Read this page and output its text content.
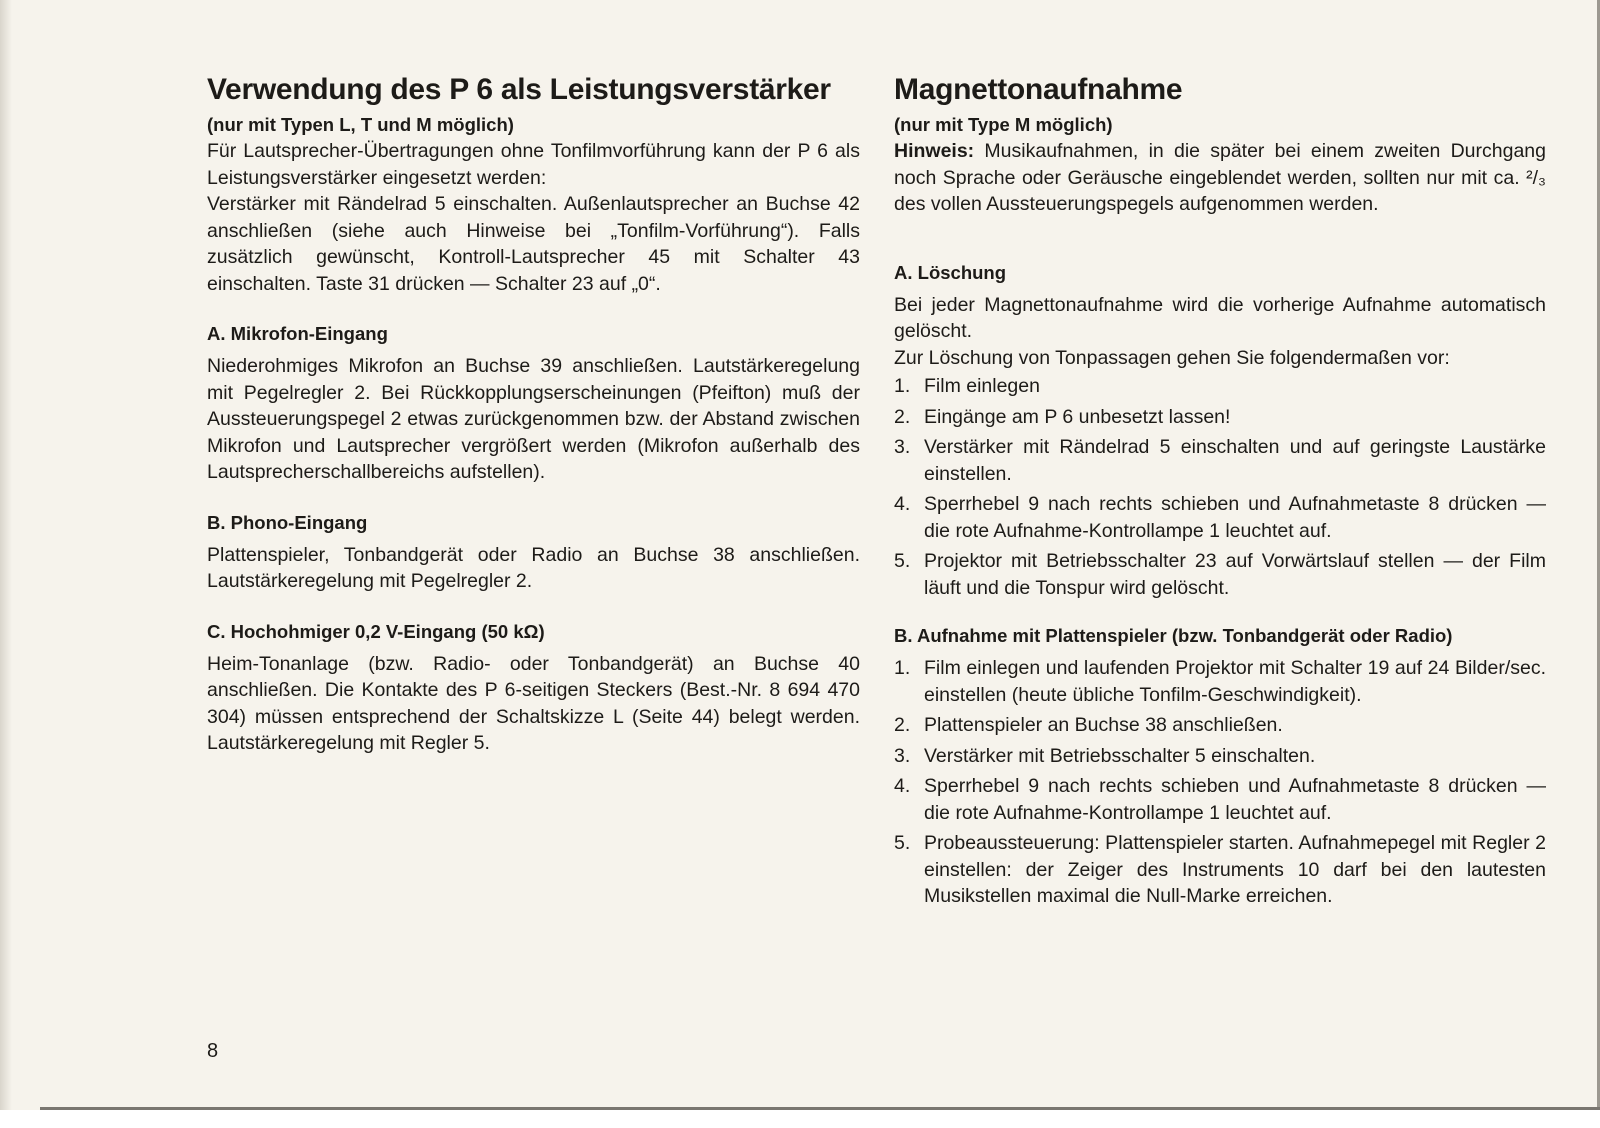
Verwendung des P 6 als Leistungsverstärker
(nur mit Typen L, T und M möglich)

Für Lautsprecher-Übertragungen ohne Tonfilmvorführung kann der P 6 als Leistungsverstärker eingesetzt werden:

Verstärker mit Rändelrad 5 einschalten. Außenlautsprecher an Buchse 42 anschließen (siehe auch Hinweise bei „Tonfilm-Vorführung“). Falls zusätzlich gewünscht, Kontroll-Lautsprecher 45 mit Schalter 43 einschalten. Taste 31 drücken — Schalter 23 auf „0“.

A. Mikrofon-Eingang

Niederohmiges Mikrofon an Buchse 39 anschließen. Lautstärkeregelung mit Pegelregler 2. Bei Rückkopplungserscheinungen (Pfeifton) muß der Aussteuerungspegel 2 etwas zurückgenommen bzw. der Abstand zwischen Mikrofon und Lautsprecher vergrößert werden (Mikrofon außerhalb des Lautsprecherschallbereichs aufstellen).

B. Phono-Eingang

Plattenspieler, Tonbandgerät oder Radio an Buchse 38 anschließen. Lautstärkeregelung mit Pegelregler 2.

C. Hochohmiger 0,2 V-Eingang (50 kΩ)

Heim-Tonanlage (bzw. Radio- oder Tonbandgerät) an Buchse 40 anschließen. Die Kontakte des P 6-seitigen Steckers (Best.-Nr. 8 694 470 304) müssen entsprechend der Schaltskizze L (Seite 44) belegt werden. Lautstärkeregelung mit Regler 5.

Magnettonaufnahme
(nur mit Type M möglich)

Hinweis: Musikaufnahmen, in die später bei einem zweiten Durchgang noch Sprache oder Geräusche eingeblendet werden, sollten nur mit ca. ²/₃ des vollen Aussteuerungspegels aufgenommen werden.

A. Löschung

Bei jeder Magnettonaufnahme wird die vorherige Aufnahme automatisch gelöscht.

Zur Löschung von Tonpassagen gehen Sie folgendermaßen vor:

1. Film einlegen
2. Eingänge am P 6 unbesetzt lassen!
3. Verstärker mit Rändelrad 5 einschalten und auf geringste Laustärke einstellen.
4. Sperrhebel 9 nach rechts schieben und Aufnahmetaste 8 drücken — die rote Aufnahme-Kontrollampe 1 leuchtet auf.
5. Projektor mit Betriebsschalter 23 auf Vorwärtslauf stellen — der Film läuft und die Tonspur wird gelöscht.
B. Aufnahme mit Plattenspieler (bzw. Tonbandgerät oder Radio)
1. Film einlegen und laufenden Projektor mit Schalter 19 auf 24 Bilder/sec. einstellen (heute übliche Tonfilm-Geschwindigkeit).
2. Plattenspieler an Buchse 38 anschließen.
3. Verstärker mit Betriebsschalter 5 einschalten.
4. Sperrhebel 9 nach rechts schieben und Aufnahmetaste 8 drücken — die rote Aufnahme-Kontrollampe 1 leuchtet auf.
5. Probeaussteuerung: Plattenspieler starten. Aufnahmepegel mit Regler 2 einstellen: der Zeiger des Instruments 10 darf bei den lautesten Musikstellen maximal die Null-Marke erreichen.
8
